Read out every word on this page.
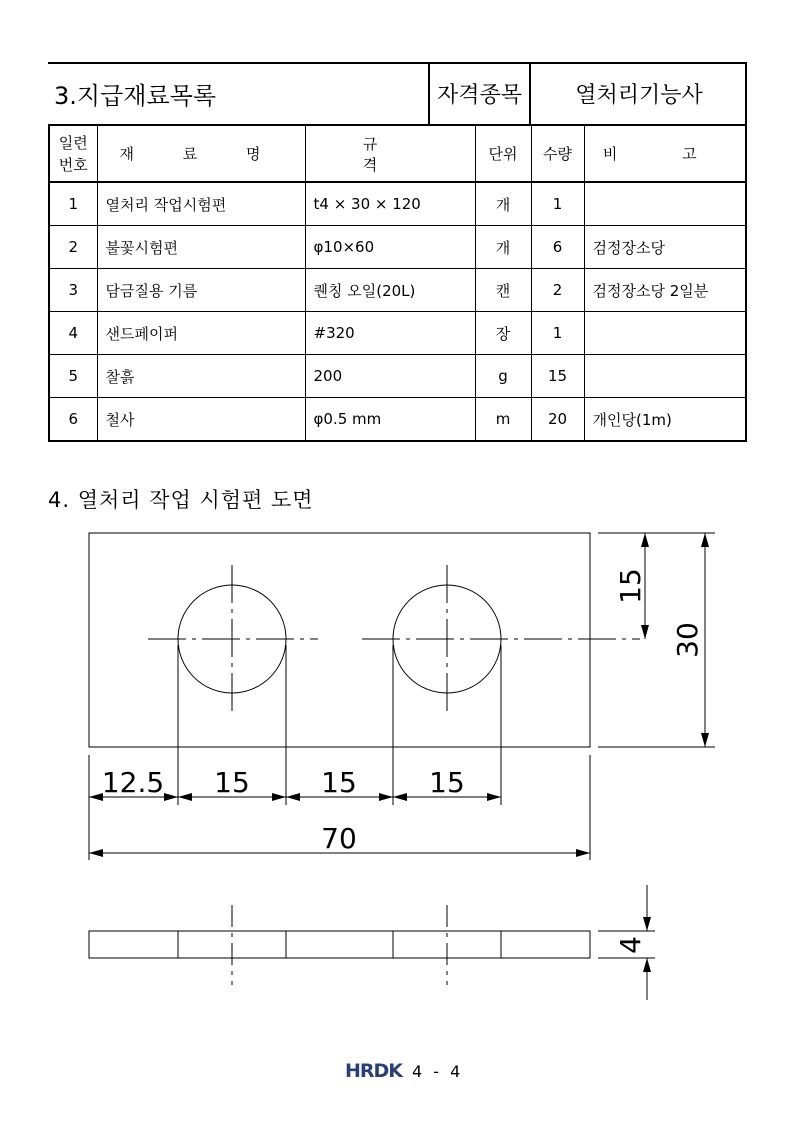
3.지급재료목록	자격종목	열처리기능사
일련
번호	재 료 명	규 격	단위	수량	비 고
1	열처리 작업시험편	t4 × 30 × 120	개	1	
2	불꽃시험편	φ10×60	개	6	검정장소당
3	담금질용 기름	퀜칭 오일(20L)	캔	2	검정장소당 2일분
4	샌드페이퍼	#320	장	1	
5	찰흙	200	g	15	
6	철사	φ0.5 mm	m	20	개인당(1m)
4. 열처리 작업 시험편 도면
15
30
12.5 15	15	15
70
4
HRDK 4 - 4
